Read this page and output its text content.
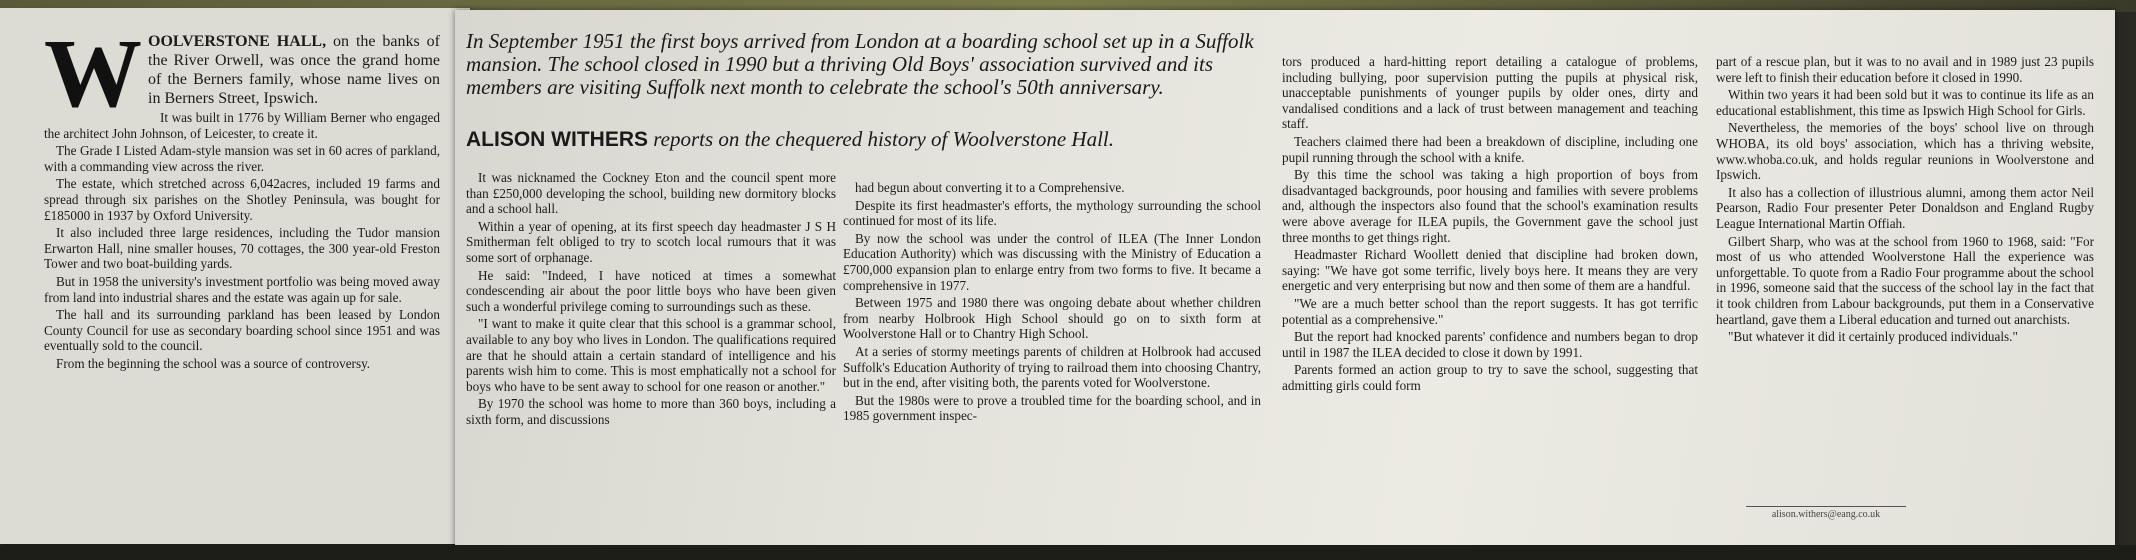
W OOLVERSTONE HALL, on the banks of the River Orwell, was once the grand home of the Berners family, whose name lives on in Berners Street, Ipswich.

It was built in 1776 by William Berner who engaged the architect John Johnson, of Leicester, to create it.

The Grade I Listed Adam-style mansion was set in 60 acres of parkland, with a commanding view across the river.

The estate, which stretched across 6,042acres, included 19 farms and spread through six parishes on the Shotley Peninsula, was bought for £185000 in 1937 by Oxford University.

It also included three large residences, including the Tudor mansion Erwarton Hall, nine smaller houses, 70 cottages, the 300 year-old Freston Tower and two boat-building yards.

But in 1958 the university's investment portfolio was being moved away from land into industrial shares and the estate was again up for sale.

The hall and its surrounding parkland has been leased by London County Council for use as secondary boarding school since 1951 and was eventually sold to the council.

From the beginning the school was a source of controversy.

In September 1951 the first boys arrived from London at a boarding school set up in a Suffolk mansion. The school closed in 1990 but a thriving Old Boys' association survived and its members are visiting Suffolk next month to celebrate the school's 50th anniversary.
ALISON WITHERS reports on the chequered history of Woolverstone Hall.

It was nicknamed the Cockney Eton and the council spent more than £250,000 developing the school, building new dormitory blocks and a school hall.

Within a year of opening, at its first speech day headmaster J S H Smitherman felt obliged to try to scotch local rumours that it was some sort of orphanage.

He said: "Indeed, I have noticed at times a somewhat condescending air about the poor little boys who have been given such a wonderful privilege coming to surroundings such as these.

"I want to make it quite clear that this school is a grammar school, available to any boy who lives in London. The qualifications required are that he should attain a certain standard of intelligence and his parents wish him to come. This is most emphatically not a school for boys who have to be sent away to school for one reason or another."

By 1970 the school was home to more than 360 boys, including a sixth form, and discussions

had begun about converting it to a Comprehensive.

Despite its first headmaster's efforts, the mythology surrounding the school continued for most of its life.

By now the school was under the control of ILEA (The Inner London Education Authority) which was discussing with the Ministry of Education a £700,000 expansion plan to enlarge entry from two forms to five. It became a comprehensive in 1977.

Between 1975 and 1980 there was ongoing debate about whether children from nearby Holbrook High School should go on to sixth form at Woolverstone Hall or to Chantry High School.

At a series of stormy meetings parents of children at Holbrook had accused Suffolk's Education Authority of trying to railroad them into choosing Chantry, but in the end, after visiting both, the parents voted for Woolverstone.

But the 1980s were to prove a troubled time for the boarding school, and in 1985 government inspec-

tors produced a hard-hitting report detailing a catalogue of problems, including bullying, poor supervision putting the pupils at physical risk, unacceptable punishments of younger pupils by older ones, dirty and vandalised conditions and a lack of trust between management and teaching staff.

Teachers claimed there had been a breakdown of discipline, including one pupil running through the school with a knife.

By this time the school was taking a high proportion of boys from disadvantaged backgrounds, poor housing and families with severe problems and, although the inspectors also found that the school's examination results were above average for ILEA pupils, the Government gave the school just three months to get things right.

Headmaster Richard Woollett denied that discipline had broken down, saying: "We have got some terrific, lively boys here. It means they are very energetic and very enterprising but now and then some of them are a handful.

"We are a much better school than the report suggests. It has got terrific potential as a comprehensive."

But the report had knocked parents' confidence and numbers began to drop until in 1987 the ILEA decided to close it down by 1991.

Parents formed an action group to try to save the school, suggesting that admitting girls could form

part of a rescue plan, but it was to no avail and in 1989 just 23 pupils were left to finish their education before it closed in 1990.

Within two years it had been sold but it was to continue its life as an educational establishment, this time as Ipswich High School for Girls.

Nevertheless, the memories of the boys' school live on through WHOBA, its old boys' association, which has a thriving website, www.whoba.co.uk, and holds regular reunions in Woolverstone and Ipswich.

It also has a collection of illustrious alumni, among them actor Neil Pearson, Radio Four presenter Peter Donaldson and England Rugby League International Martin Offiah.

Gilbert Sharp, who was at the school from 1960 to 1968, said: "For most of us who attended Woolverstone Hall the experience was unforgettable. To quote from a Radio Four programme about the school in 1996, someone said that the success of the school lay in the fact that it took children from Labour backgrounds, put them in a Conservative heartland, gave them a Liberal education and turned out anarchists.

"But whatever it did it certainly produced individuals."

alison.withers@eang.co.uk
